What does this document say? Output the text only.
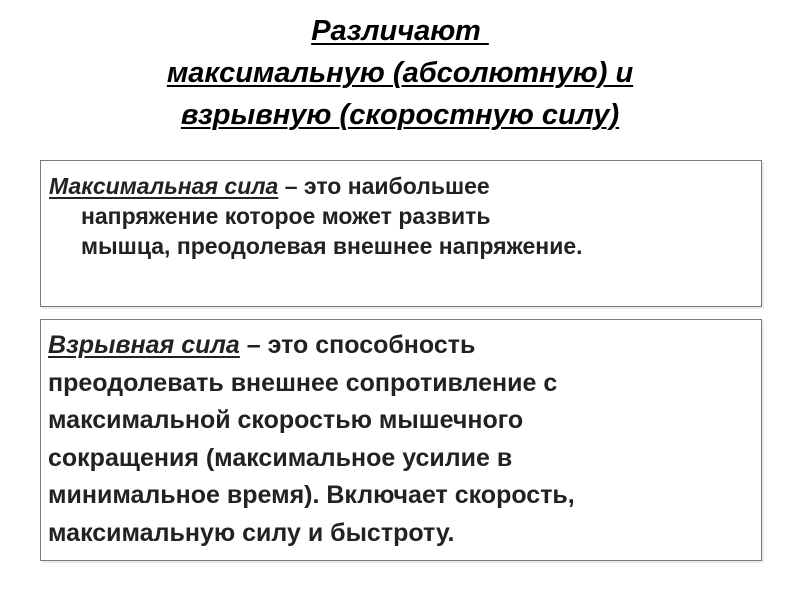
Различают
максимальную (абсолютную) и
взрывную (скоростную силу)
Максимальная сила – это наибольшее
напряжение которое может развить
мышца, преодолевая внешнее напряжение.
Взрывная сила – это способность
преодолевать внешнее сопротивление с
максимальной скоростью мышечного
сокращения (максимальное усилие в
минимальное время). Включает скорость,
максимальную силу и быстроту.
